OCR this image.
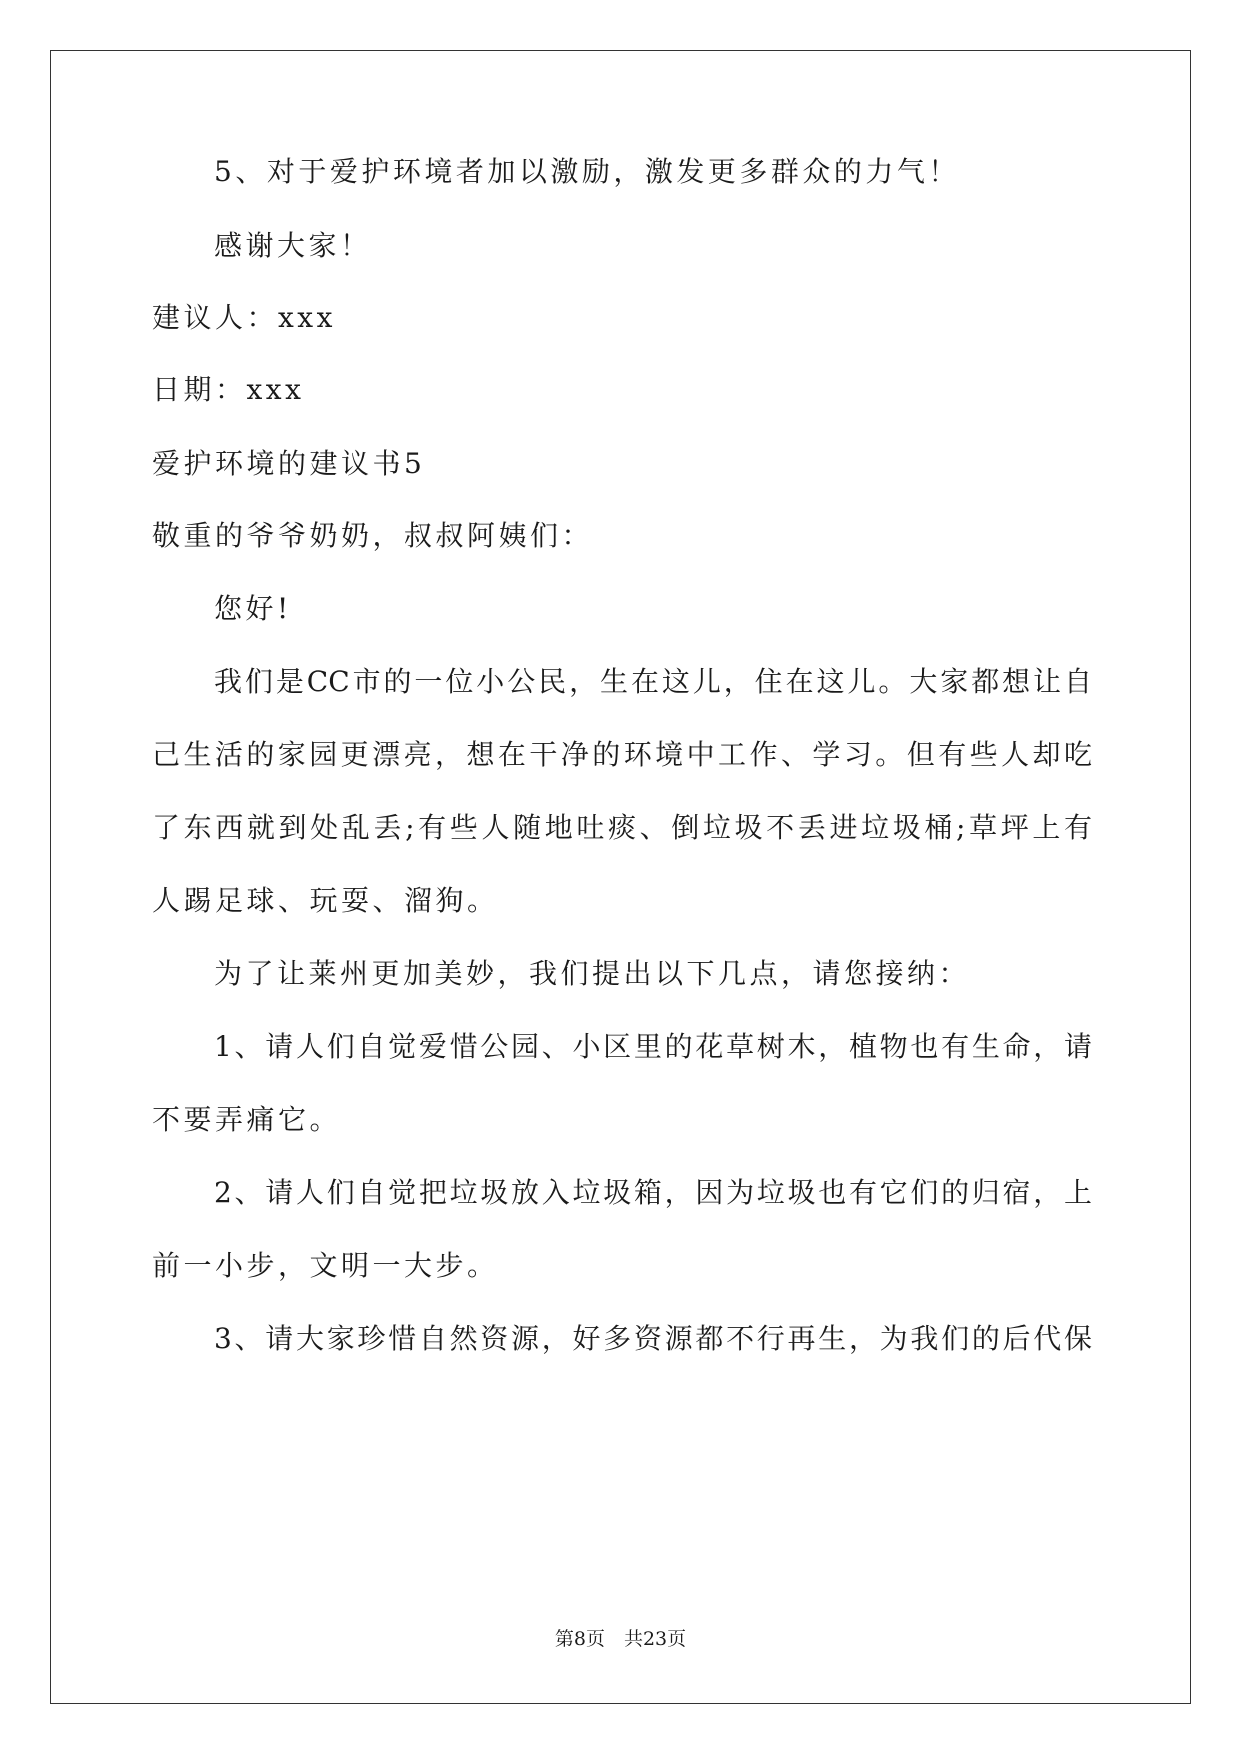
5、对于爱护环境者加以激励，激发更多群众的力气！
感谢大家！
建议人：xxx
日期：xxx
爱护环境的建议书5
敬重的爷爷奶奶，叔叔阿姨们：
您好!
我们是CC市的一位小公民，生在这儿，住在这儿。大家都想让自
己生活的家园更漂亮，想在干净的环境中工作、学习。但有些人却吃
了东西就到处乱丢;有些人随地吐痰、倒垃圾不丢进垃圾桶;草坪上有
人踢足球、玩耍、溜狗。
为了让莱州更加美妙，我们提出以下几点，请您接纳：
1、请人们自觉爱惜公园、小区里的花草树木，植物也有生命，请
不要弄痛它。
2、请人们自觉把垃圾放入垃圾箱，因为垃圾也有它们的归宿，上
前一小步，文明一大步。
3、请大家珍惜自然资源，好多资源都不行再生，为我们的后代保
第8页　共23页
